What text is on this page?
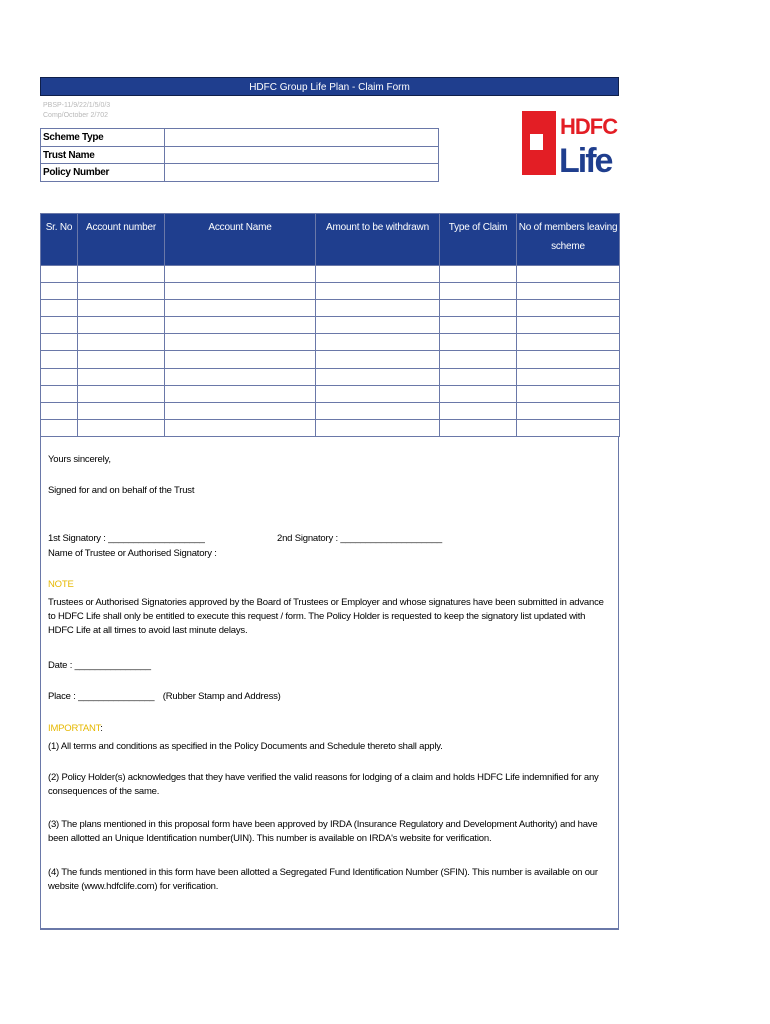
HDFC Group Life Plan - Claim Form
PBSP-11/9/22/1/5/0/3
Comp/October 2/702
Scheme Type	
Trust Name	
Policy Number	
HDFC
Life
Sr. No	Account number	Account Name	Amount to be withdrawn	Type of Claim	No of members leaving scheme

Yours sincerely,

Signed for and on behalf of the Trust

1st Signatory : ___________________	2nd Signatory : ____________________

Name of Trustee or Authorised Signatory :

NOTE

Trustees or Authorised Signatories approved by the Board of Trustees or Employer and whose signatures have been submitted in advance to HDFC Life shall only be entitled to execute this request / form. The Policy Holder is requested to keep the signatory list updated with HDFC Life at all times to avoid last minute delays.

Date : _______________

Place : _______________ (Rubber Stamp and Address)

IMPORTANT:

(1) All terms and conditions as specified in the Policy Documents and Schedule thereto shall apply.

(2) Policy Holder(s) acknowledges that they have verified the valid reasons for lodging of a claim and holds HDFC Life indemnified for any consequences of the same.

(3) The plans mentioned in this proposal form have been approved by IRDA (Insurance Regulatory and Development Authority) and have been allotted an Unique Identification number(UIN). This number is available on IRDA's website for verification.

(4) The funds mentioned in this form have been allotted a Segregated Fund Identification Number (SFIN). This number is available on our website (www.hdfclife.com) for verification.
